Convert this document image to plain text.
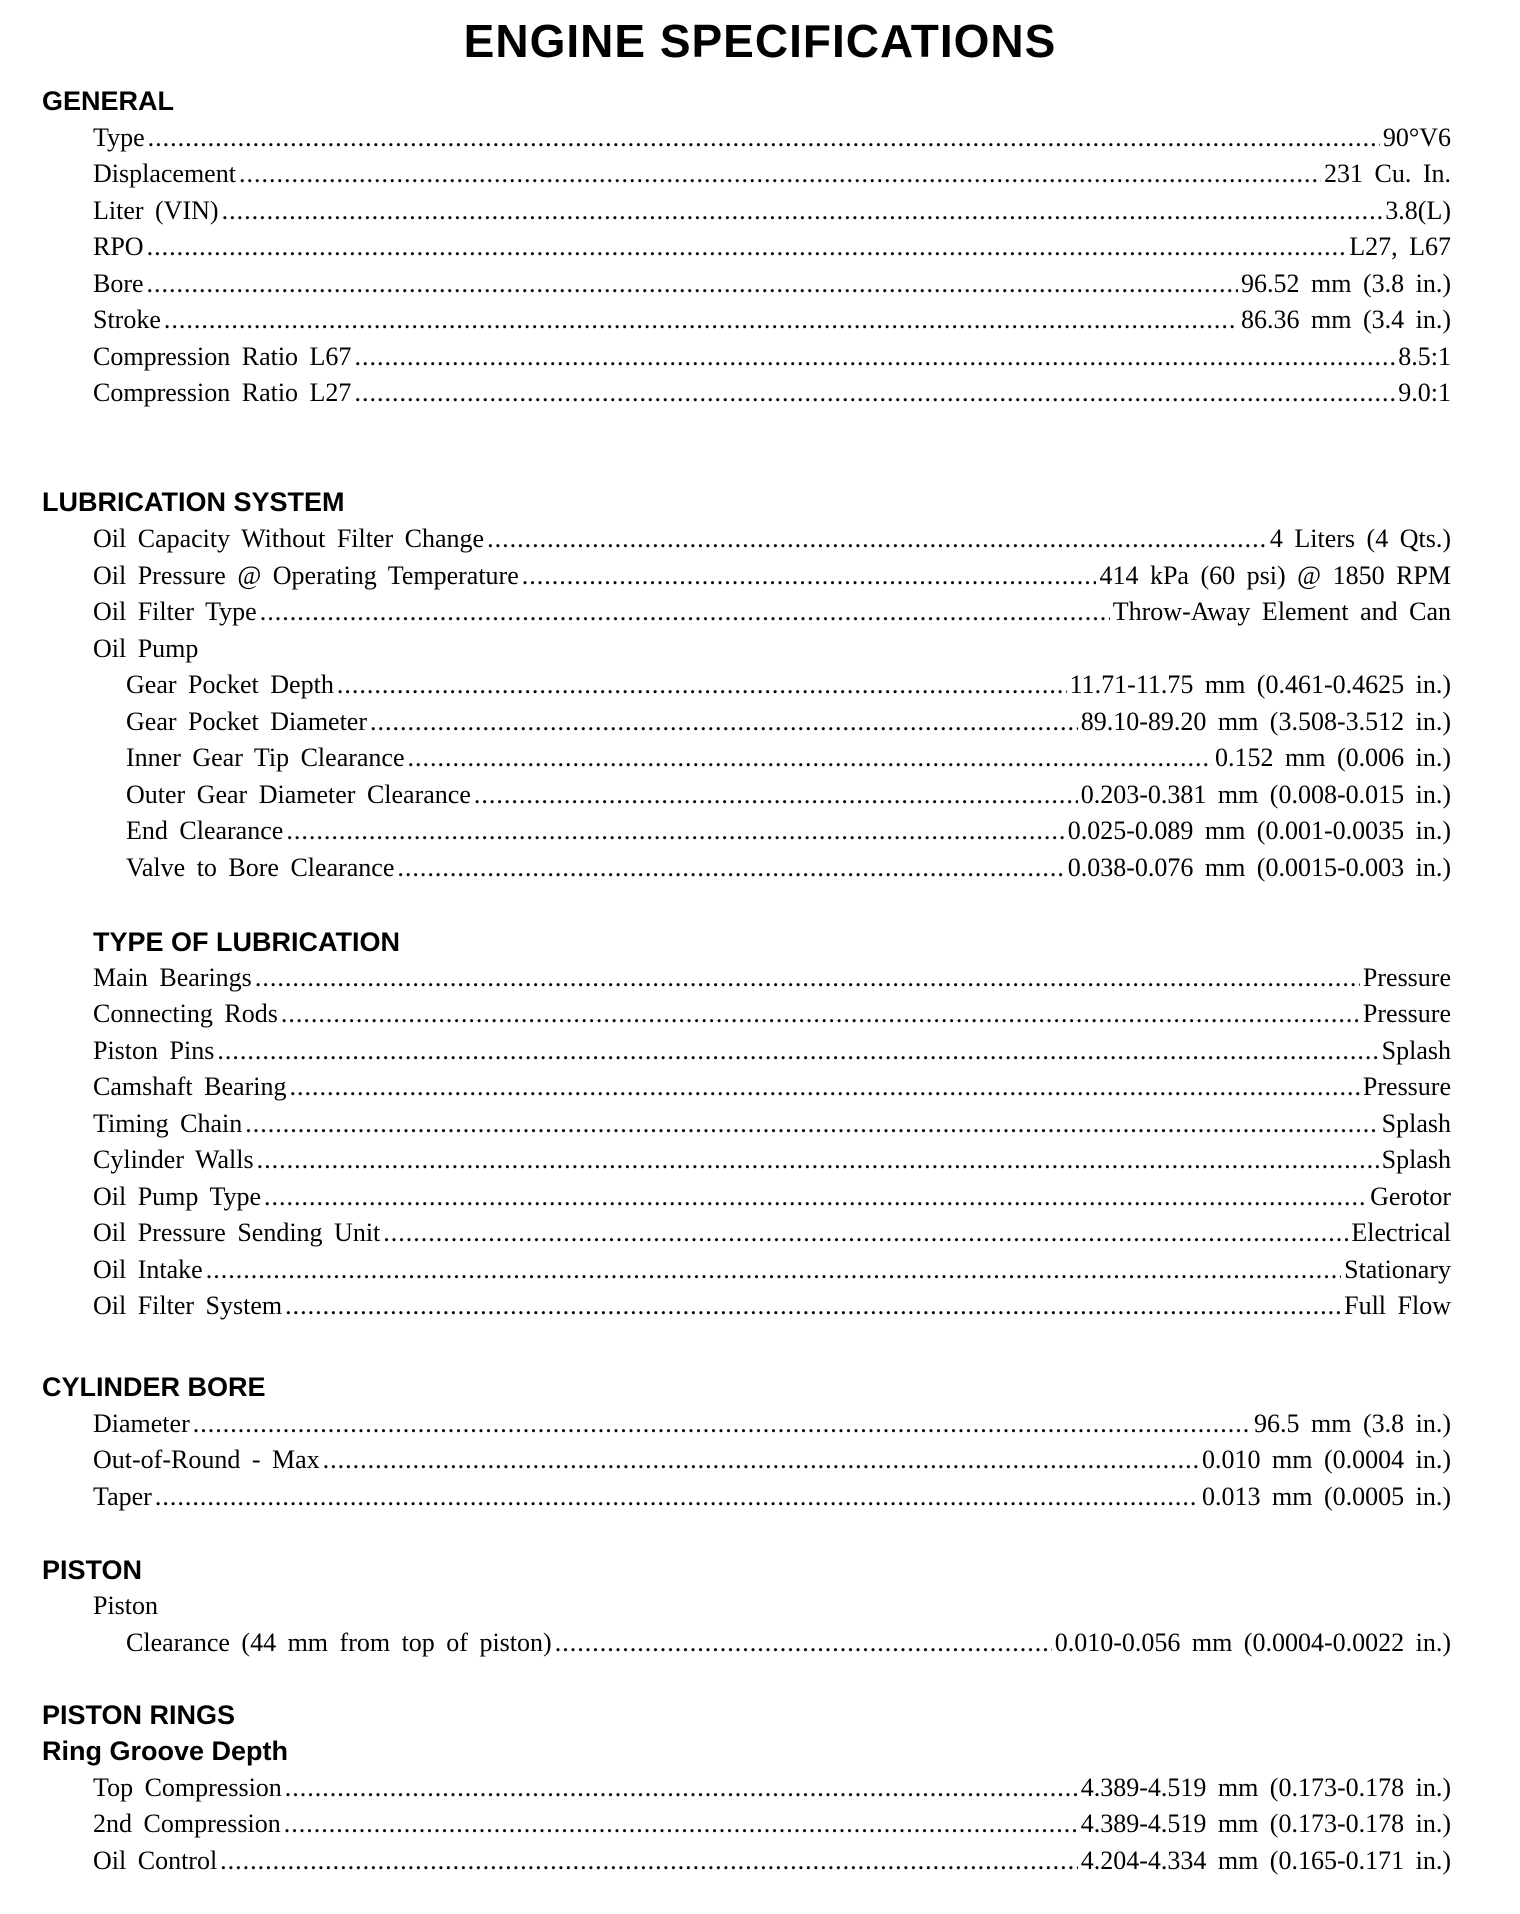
ENGINE SPECIFICATIONS
GENERAL
Type .....	90°V6
Displacement .....	231 Cu. In.
Liter (VIN) .....	3.8(L)
RPO .....	L27, L67
Bore .....	96.52 mm (3.8 in.)
Stroke .....	86.36 mm (3.4 in.)
Compression Ratio L67 .....	8.5:1
Compression Ratio L27 .....	9.0:1
LUBRICATION SYSTEM
Oil Capacity Without Filter Change .....	4 Liters (4 Qts.)
Oil Pressure @ Operating Temperature .....	414 kPa (60 psi) @ 1850 RPM
Oil Filter Type .....	Throw-Away Element and Can
Oil Pump
Gear Pocket Depth .....	11.71-11.75 mm (0.461-0.4625 in.)
Gear Pocket Diameter .....	89.10-89.20 mm (3.508-3.512 in.)
Inner Gear Tip Clearance .....	0.152 mm (0.006 in.)
Outer Gear Diameter Clearance .....	0.203-0.381 mm (0.008-0.015 in.)
End Clearance .....	0.025-0.089 mm (0.001-0.0035 in.)
Valve to Bore Clearance .....	0.038-0.076 mm (0.0015-0.003 in.)
TYPE OF LUBRICATION
Main Bearings .....	Pressure
Connecting Rods .....	Pressure
Piston Pins .....	Splash
Camshaft Bearing .....	Pressure
Timing Chain .....	Splash
Cylinder Walls .....	Splash
Oil Pump Type .....	Gerotor
Oil Pressure Sending Unit .....	Electrical
Oil Intake .....	Stationary
Oil Filter System .....	Full Flow
CYLINDER BORE
Diameter .....	96.5 mm (3.8 in.)
Out-of-Round - Max .....	0.010 mm (0.0004 in.)
Taper .....	0.013 mm (0.0005 in.)
PISTON
Piston
Clearance (44 mm from top of piston) .....	0.010-0.056 mm (0.0004-0.0022 in.)
PISTON RINGS
Ring Groove Depth
Top Compression .....	4.389-4.519 mm (0.173-0.178 in.)
2nd Compression .....	4.389-4.519 mm (0.173-0.178 in.)
Oil Control .....	4.204-4.334 mm (0.165-0.171 in.)
